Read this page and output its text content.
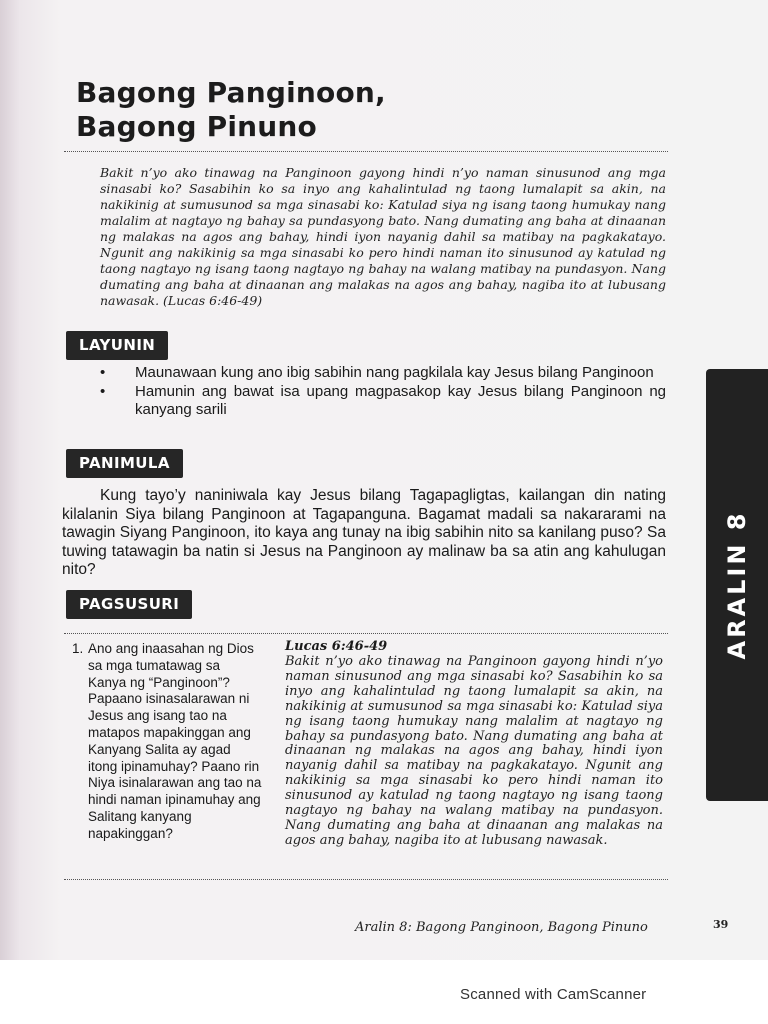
Bagong Panginoon,
Bagong Pinuno

Bakit n’yo ako tinawag na Panginoon gayong hindi n’yo naman sinusunod ang mga sinasabi ko? Sasabihin ko sa inyo ang kahalintulad ng taong lumalapit sa akin, na nakikinig at sumusunod sa mga sinasabi ko: Katulad siya ng isang taong humukay nang malalim at nagtayo ng bahay sa pundasyong bato. Nang dumating ang baha at dinaanan ng malakas na agos ang bahay, hindi iyon nayanig dahil sa matibay na pagkakatayo. Ngunit ang nakikinig sa mga sinasabi ko pero hindi naman ito sinusunod ay katulad ng taong nagtayo ng isang taong nagtayo ng bahay na walang matibay na pundasyon. Nang dumating ang baha at dinaanan ang malakas na agos ang bahay, nagiba ito at lubusang nawasak. (Lucas 6:46-49)

LAYUNIN
• Maunawaan kung ano ibig sabihin nang pagkilala kay Jesus bilang Panginoon
• Hamunin ang bawat isa upang magpasakop kay Jesus bilang Panginoon ng kanyang sarili
PANIMULA

Kung tayo’y naniniwala kay Jesus bilang Tagapagligtas, kailangan din nating kilalanin Siya bilang Panginoon at Tagapanguna. Bagamat madali sa nakararami na tawagin Siyang Panginoon, ito kaya ang tunay na ibig sabihin nito sa kanilang puso? Sa tuwing tatawagin ba natin si Jesus na Panginoon ay malinaw ba sa atin ang kahulugan nito?

PAGSUSURI
1. Ano ang inaasahan ng Dios sa mga tumatawag sa Kanya ng “Panginoon”? Papaano isinasalarawan ni Jesus ang isang tao na matapos mapakinggan ang Kanyang Salita ay agad itong ipinamuhay? Paano rin Niya isinalarawan ang tao na hindi naman ipinamuhay ang Salitang kanyang napakinggan?

Lucas 6:46-49

Bakit n’yo ako tinawag na Panginoon gayong hindi n’yo naman sinusunod ang mga sinasabi ko? Sasabihin ko sa inyo ang kahalintulad ng taong lumalapit sa akin, na nakikinig at sumusunod sa mga sinasabi ko: Katulad siya ng isang taong humukay nang malalim at nagtayo ng bahay sa pundasyong bato. Nang dumating ang baha at dinaanan ng malakas na agos ang bahay, hindi iyon nayanig dahil sa matibay na pagkakatayo. Ngunit ang nakikinig sa mga sinasabi ko pero hindi naman ito sinusunod ay katulad ng taong nagtayo ng isang taong nagtayo ng bahay na walang matibay na pundasyon. Nang dumating ang baha at dinaanan ang malakas na agos ang bahay, nagiba ito at lubusang nawasak.

ARALIN 8

Aralin 8: Bagong Panginoon, Bagong Pinuno	39

Scanned with CamScanner
